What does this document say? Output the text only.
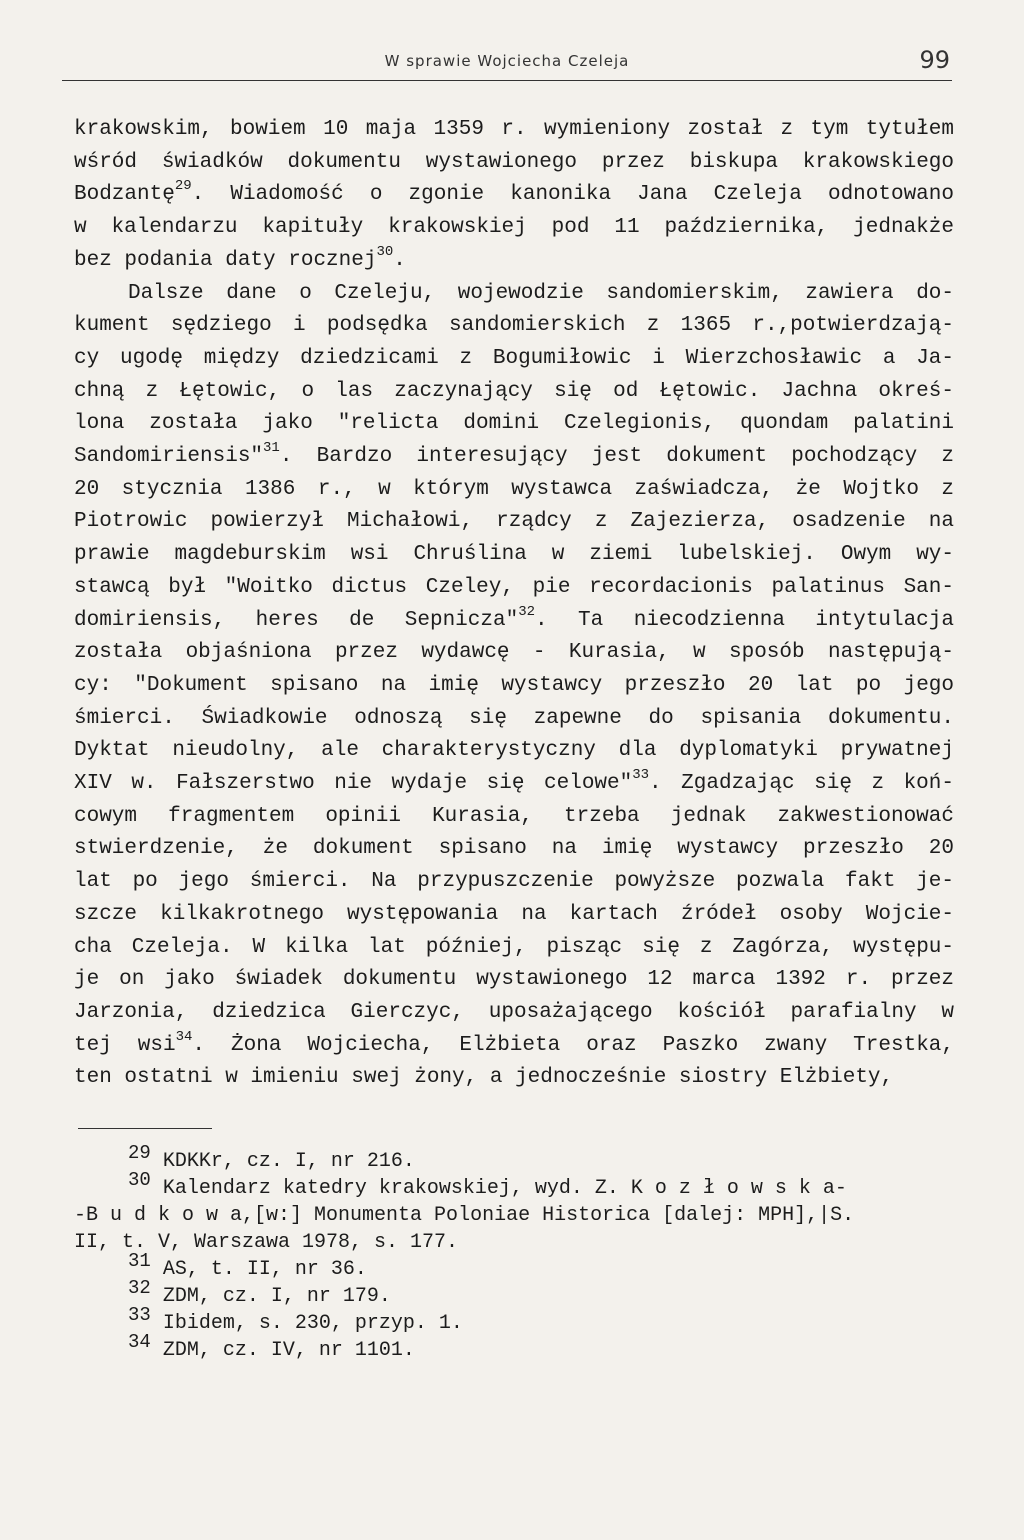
W sprawie Wojciecha Czeleja	99
krakowskim, bowiem 10 maja 1359 r. wymieniony został z tym tytułem
wśród świadków dokumentu wystawionego przez biskupa krakowskiego
Bodzantę$^{29}$. Wiadomość o zgonie kanonika Jana Czeleja odnotowano
w kalendarzu kapituły krakowskiej pod 11 października, jednakże
bez podania daty rocznej$^{30}$.
Dalsze dane o Czeleju, wojewodzie sandomierskim, zawiera do-
kument sędziego i podsędka sandomierskich z 1365 r.,potwierdzają-
cy ugodę między dziedzicami z Bogumiłowic i Wierzchosławic a Ja-
chną z Łętowic, o las zaczynający się od Łętowic. Jachna okreś-
lona została jako "relicta domini Czelegionis, quondam palatini
Sandomiriensis"$^{31}$. Bardzo interesujący jest dokument pochodzący z
20 stycznia 1386 r., w którym wystawca zaświadcza, że Wojtko z
Piotrowic powierzył Michałowi, rządcy z Zajezierza, osadzenie na
prawie magdeburskim wsi Chruślina w ziemi lubelskiej. Owym wy-
stawcą był "Woitko dictus Czeley, pie recordacionis palatinus San-
domiriensis, heres de Sepnicza"$^{32}$. Ta niecodzienna intytulacja
została objaśniona przez wydawcę - Kurasia, w sposób następują-
cy: "Dokument spisano na imię wystawcy przeszło 20 lat po jego
śmierci. Świadkowie odnoszą się zapewne do spisania dokumentu.
Dyktat nieudolny, ale charakterystyczny dla dyplomatyki prywatnej
XIV w. Fałszerstwo nie wydaje się celowe"$^{33}$. Zgadzając się z koń-
cowym fragmentem opinii Kurasia, trzeba jednak zakwestionować
stwierdzenie, że dokument spisano na imię wystawcy przeszło 20
lat po jego śmierci. Na przypuszczenie powyższe pozwala fakt je-
szcze kilkakrotnego występowania na kartach źródeł osoby Wojcie-
cha Czeleja. W kilka lat później, pisząc się z Zagórza, występu-
je on jako świadek dokumentu wystawionego 12 marca 1392 r. przez
Jarzonia, dziedzica Gierczyc, uposażającego kościół parafialny w
tej wsi$^{34}$. Żona Wojciecha, Elżbieta oraz Paszko zwany Trestka,
ten ostatni w imieniu swej żony, a jednocześnie siostry Elżbiety,
29 KDKKr, cz. I, nr 216.
30 Kalendarz katedry krakowskiej, wyd. Z. K o z ł o w s k a-
-B u d k o w a,[w:] Monumenta Poloniae Historica [dalej: MPH],|S.
II, t. V, Warszawa 1978, s. 177.
31 AS, t. II, nr 36.
32 ZDM, cz. I, nr 179.
33 Ibidem, s. 230, przyp. 1.
34 ZDM, cz. IV, nr 1101.
